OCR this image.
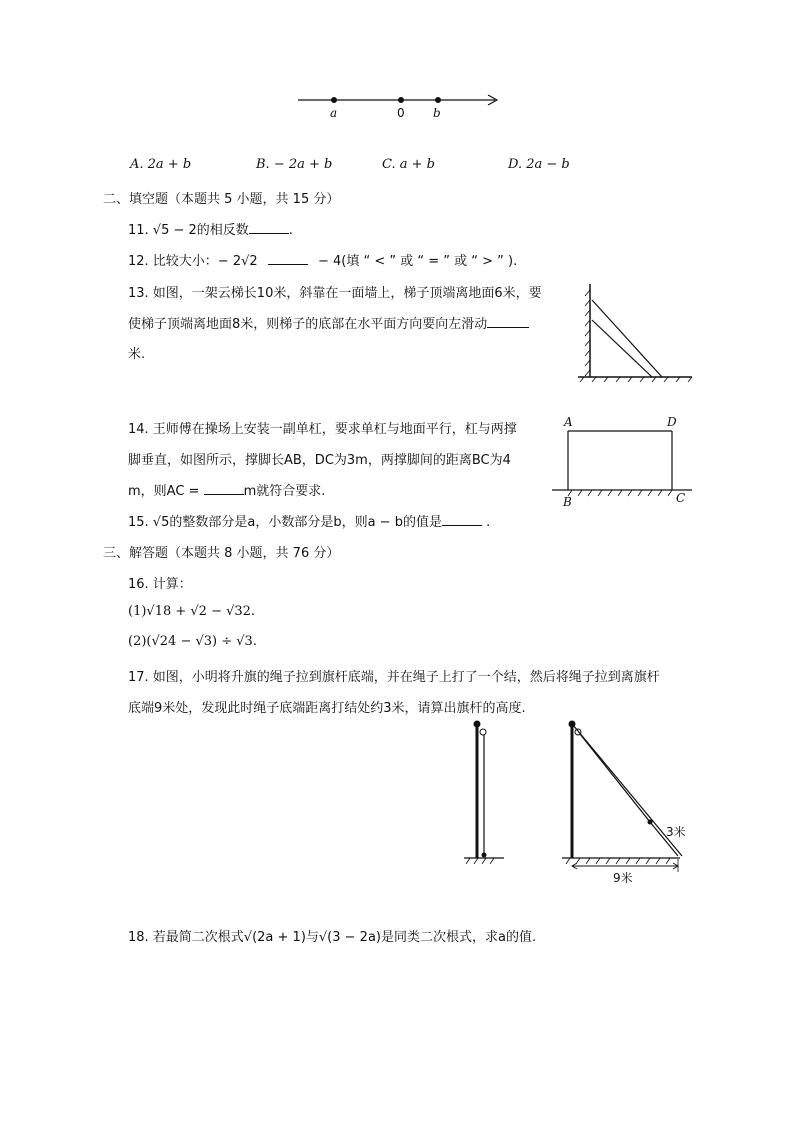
a	0 b
A. 2a + b	B. − 2a + b	C. a + b	D. 2a − b
二、填空题（本题共 5 小题，共 15 分）
11. √5 − 2的相反数	.
12. 比较大小：− 2√2	− 4(填 “ < ” 或 “ = ” 或 “ > ” ).
13. 如图，一架云梯长10米，斜靠在一面墙上，梯子顶端离地面6米，要
使梯子顶端离地面8米，则梯子的底部在水平面方向要向左滑动
米.
14. 王师傅在操场上安装一副单杠，要求单杠与地面平行，杠与两撑
脚垂直，如图所示，撑脚长AB，DC为3m，两撑脚间的距离BC为4
m，则AC =	m就符合要求.
A	D
B	C
15. √5的整数部分是a，小数部分是b，则a − b的值是	.
三、解答题（本题共 8 小题，共 76 分）
16. 计算：
(1)√18 + √2 − √32.
(2)(√24 − √3) ÷ √3.
17. 如图，小明将升旗的绳子拉到旗杆底端，并在绳子上打了一个结，然后将绳子拉到离旗杆
底端9米处，发现此时绳子底端距离打结处约3米，请算出旗杆的高度.
9米
3米
18. 若最简二次根式√(2a + 1)与√(3 − 2a)是同类二次根式，求a的值.
